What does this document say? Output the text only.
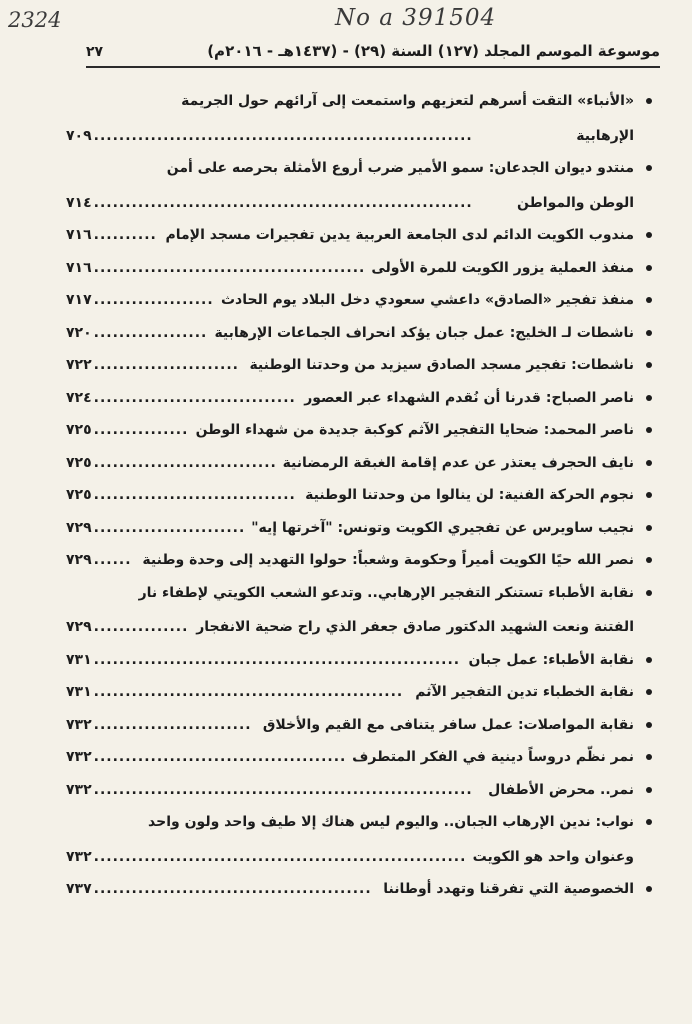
2324	No a 391504
موسوعة الموسم المجلد (١٢٧) السنة (٢٩) - (١٤٣٧هـ - ٢٠١٦م)
٢٧
«الأنباء» التقت أسرهم لتعزيهم واستمعت إلى آرائهم حول الجريمة
الإرهابية
٧٠٩ ............................................................
منتدو ديوان الجدعان: سمو الأمير ضرب أروع الأمثلة بحرصه على أمن
الوطن والمواطن
٧١٤ ............................................................
مندوب الكويت الدائم لدى الجامعة العربية يدين تفجيرات مسجد الإمام
٧١٦ ..........
منفذ العملية يزور الكويت للمرة الأولى
٧١٦ ...........................................
منفذ تفجير «الصادق» داعشي سعودي دخل البلاد يوم الحادث
٧١٧ ...................
ناشطات لـ الخليج: عمل جبان يؤكد انحراف الجماعات الإرهابية
٧٢٠ ..................
ناشطات: تفجير مسجد الصادق سيزيد من وحدتنا الوطنية
٧٢٢ .......................
ناصر الصباح: قدرنا أن نُقدم الشهداء عبر العصور
٧٢٤ ................................
ناصر المحمد: ضحايا التفجير الآثم كوكبة جديدة من شهداء الوطن
٧٢٥ ...............
نايف الحجرف يعتذر عن عدم إقامة الغبقة الرمضانية
٧٢٥ .............................
نجوم الحركة الفنية: لن ينالوا من وحدتنا الوطنية
٧٢٥ ................................
نجيب ساويرس عن تفجيري الكويت وتونس: "آخرتها إيه"
٧٢٩ ........................
نصر الله حيًا الكويت أميراً وحكومة وشعباً: حولوا التهديد إلى وحدة وطنية
٧٢٩ ......
نقابة الأطباء تستنكر التفجير الإرهابي.. وتدعو الشعب الكويتي لإطفاء نار
الفتنة ونعت الشهيد الدكتور صادق جعفر الذي راح ضحية الانفجار
٧٢٩ ...............
نقابة الأطباء: عمل جبان
٧٣١ ..........................................................
نقابة الخطباء تدين التفجير الآثم
٧٣١ .................................................
نقابة المواصلات: عمل سافر يتنافى مع القيم والأخلاق
٧٣٢ .........................
نمر نظّم دروساً دينية في الفكر المتطرف
٧٣٢ ........................................
نمر.. محرض الأطفال
٧٣٢ ............................................................
نواب: ندين الإرهاب الجبان.. واليوم ليس هناك إلا طيف واحد ولون واحد
وعنوان واحد هو الكويت
٧٣٢ ...........................................................
الخصوصية التي تفرقنا وتهدد أوطاننا
٧٣٧ ............................................
